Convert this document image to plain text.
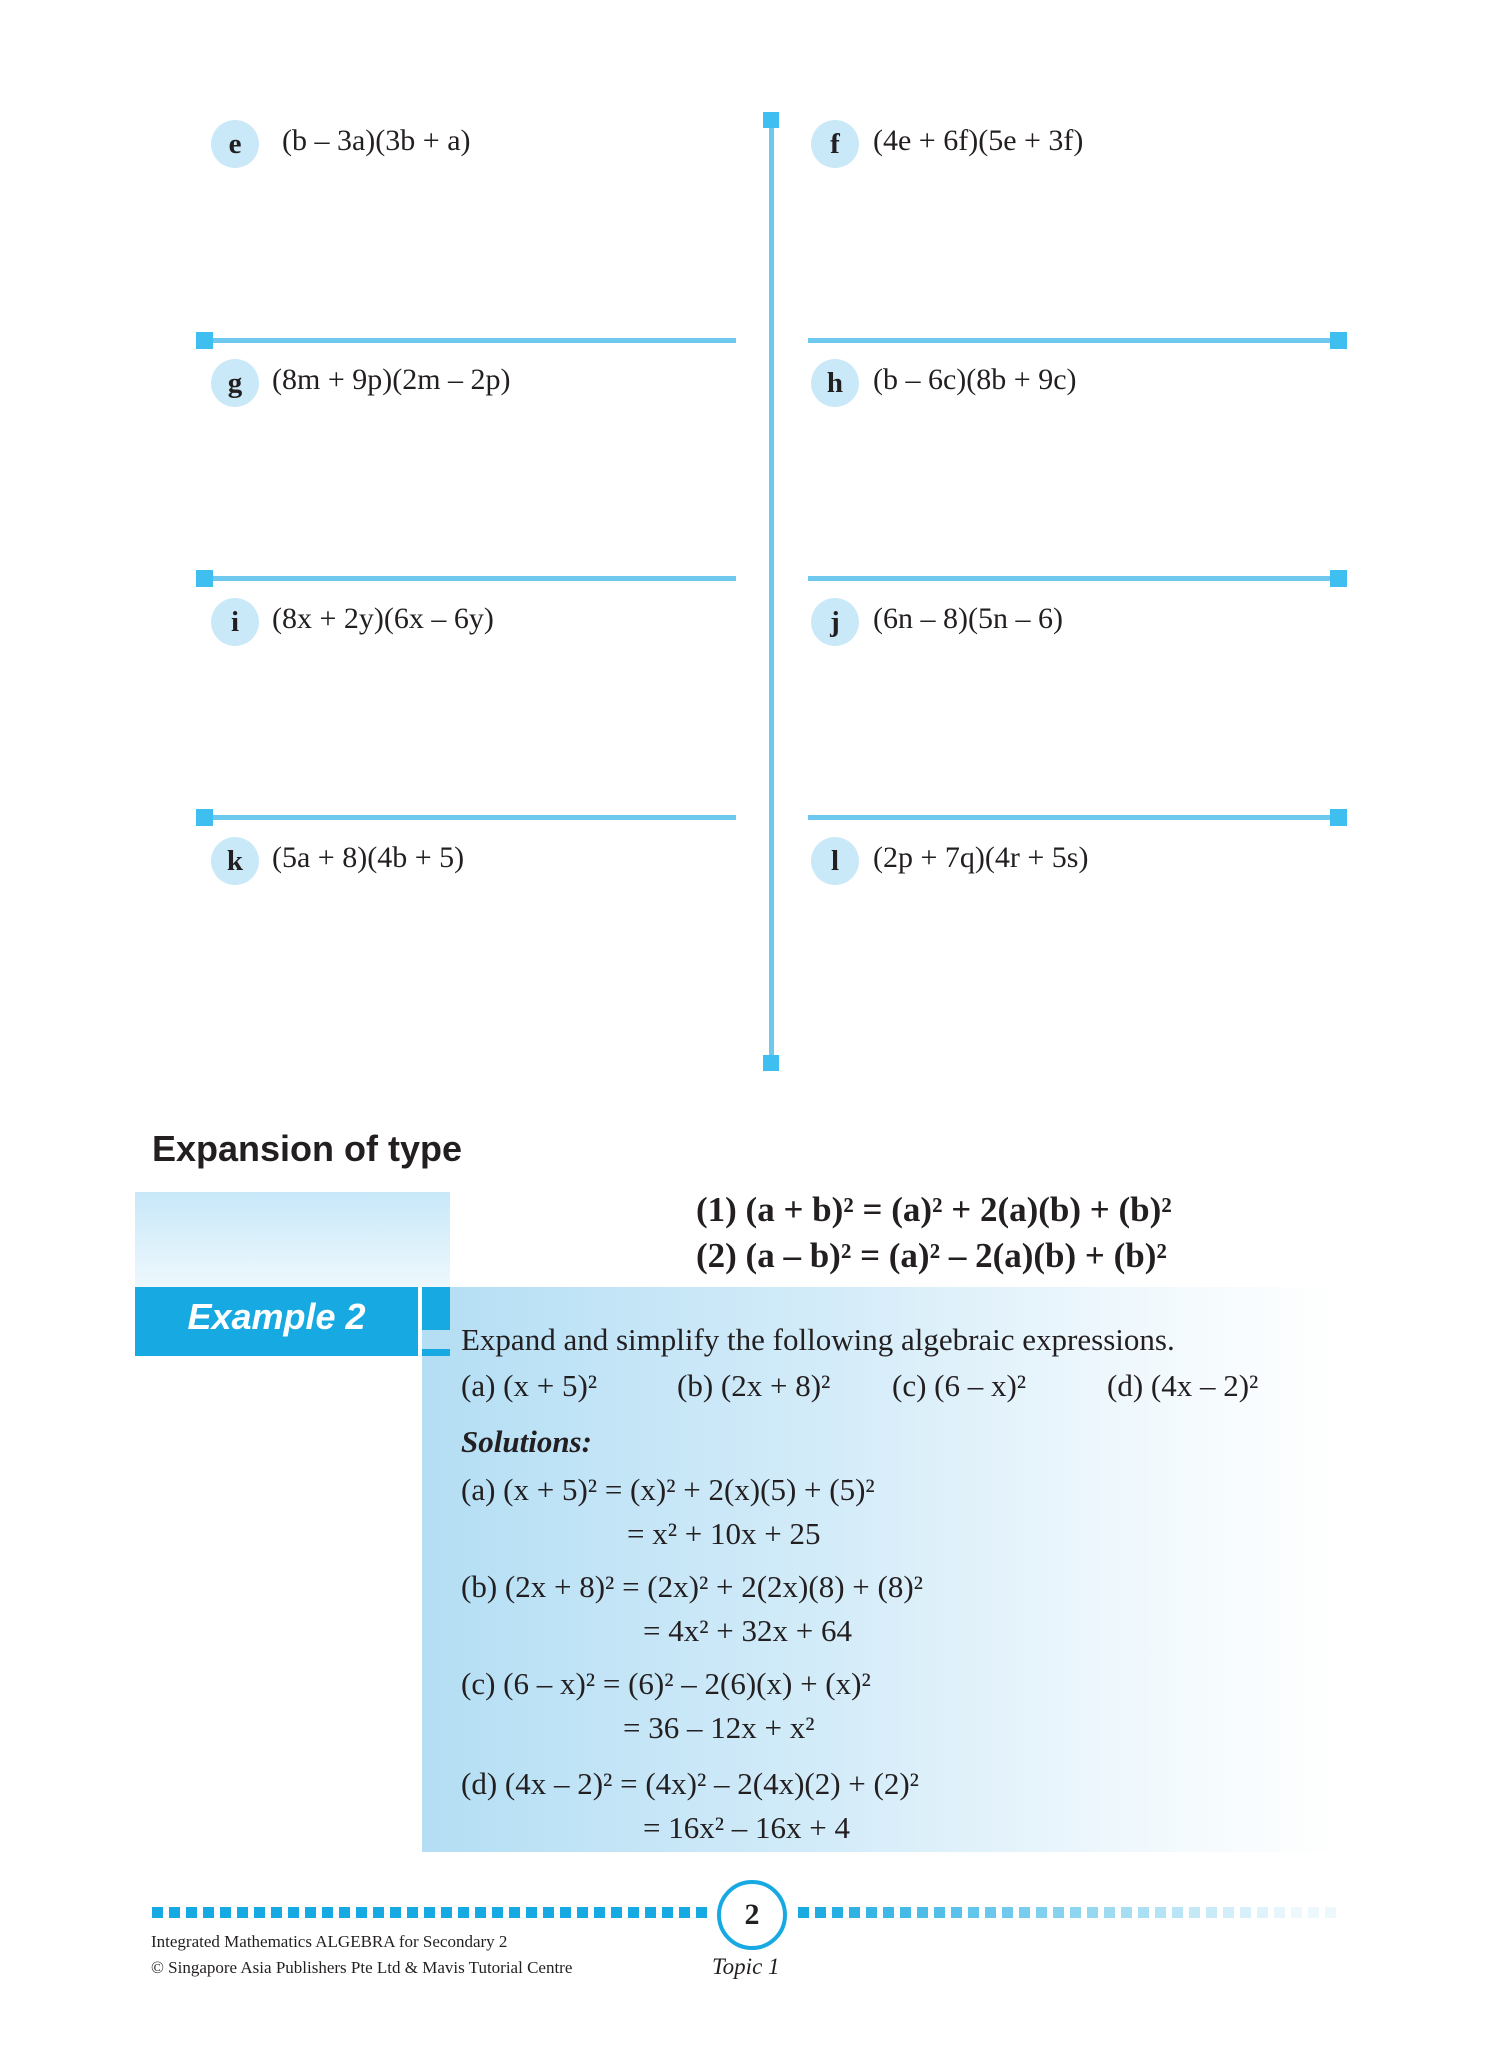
e	(b – 3a)(3b + a)	f	(4e + 6f)(5e + 3f)
g (8m + 9p)(2m – 2p)	h (b – 6c)(8b + 9c)
i	(8x + 2y)(6x – 6y)	j	(6n – 8)(5n – 6)
k (5a + 8)(4b + 5)	l	(2p + 7q)(4r + 5s)
Expansion of type
(1) (a + b)² = (a)² + 2(a)(b) + (b)²
(2) (a – b)² = (a)² – 2(a)(b) + (b)²
Example 2
Expand and simplify the following algebraic expressions.
(a) (x + 5)²	(b) (2x + 8)² (c) (6 – x)²	(d) (4x – 2)²
Solutions:
(a) (x + 5)² = (x)² + 2(x)(5) + (5)²
= x² + 10x + 25
(b) (2x + 8)² = (2x)² + 2(2x)(8) + (8)²
= 4x² + 32x + 64
(c) (6 – x)² = (6)² – 2(6)(x) + (x)²
= 36 – 12x + x²
(d) (4x – 2)² = (4x)² – 2(4x)(2) + (2)²
= 16x² – 16x + 4
2
Integrated Mathematics ALGEBRA for Secondary 2
© Singapore Asia Publishers Pte Ltd & Mavis Tutorial Centre	Topic 1
